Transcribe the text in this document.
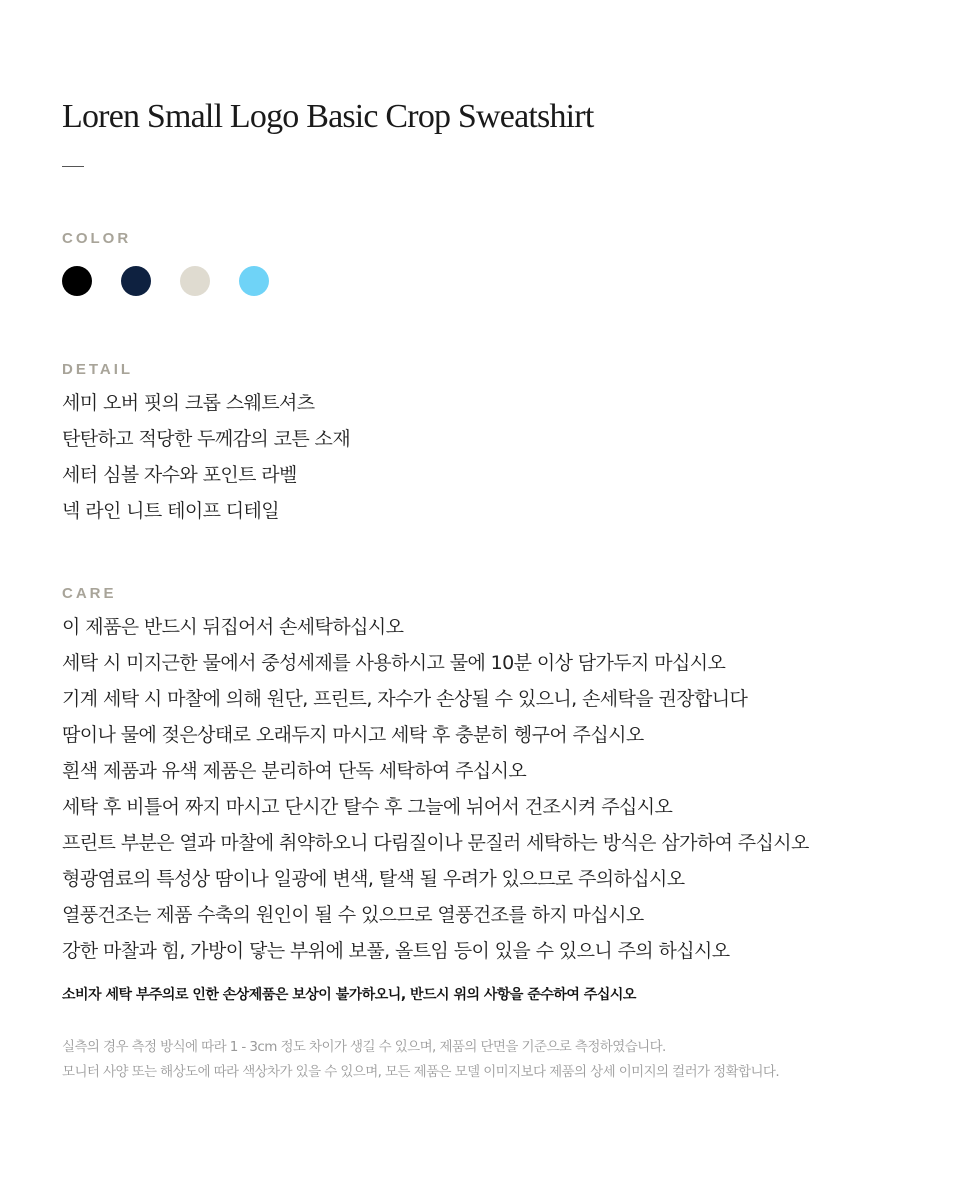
Loren Small Logo Basic Crop Sweatshirt
COLOR
DETAIL
세미 오버 핏의 크롭 스웨트셔츠
탄탄하고 적당한 두께감의 코튼 소재
세터 심볼 자수와 포인트 라벨
넥 라인 니트 테이프 디테일
CARE
이 제품은 반드시 뒤집어서 손세탁하십시오
세탁 시 미지근한 물에서 중성세제를 사용하시고 물에 10분 이상 담가두지 마십시오
기계 세탁 시 마찰에 의해 원단, 프린트, 자수가 손상될 수 있으니, 손세탁을 권장합니다
땀이나 물에 젖은상태로 오래두지 마시고 세탁 후 충분히 헹구어 주십시오
흰색 제품과 유색 제품은 분리하여 단독 세탁하여 주십시오
세탁 후 비틀어 짜지 마시고 단시간 탈수 후 그늘에 뉘어서 건조시켜 주십시오
프린트 부분은 열과 마찰에 취약하오니 다림질이나 문질러 세탁하는 방식은 삼가하여 주십시오
형광염료의 특성상 땀이나 일광에 변색, 탈색 될 우려가 있으므로 주의하십시오
열풍건조는 제품 수축의 원인이 될 수 있으므로 열풍건조를 하지 마십시오
강한 마찰과 힘, 가방이 닿는 부위에 보풀, 올트임 등이 있을 수 있으니 주의 하십시오

소비자 세탁 부주의로 인한 손상제품은 보상이 불가하오니, 반드시 위의 사항을 준수하여 주십시오

실측의 경우 측정 방식에 따라 1 - 3cm 정도 차이가 생길 수 있으며, 제품의 단면을 기준으로 측정하였습니다.
모니터 사양 또는 해상도에 따라 색상차가 있을 수 있으며, 모든 제품은 모델 이미지보다 제품의 상세 이미지의 컬러가 정확합니다.
